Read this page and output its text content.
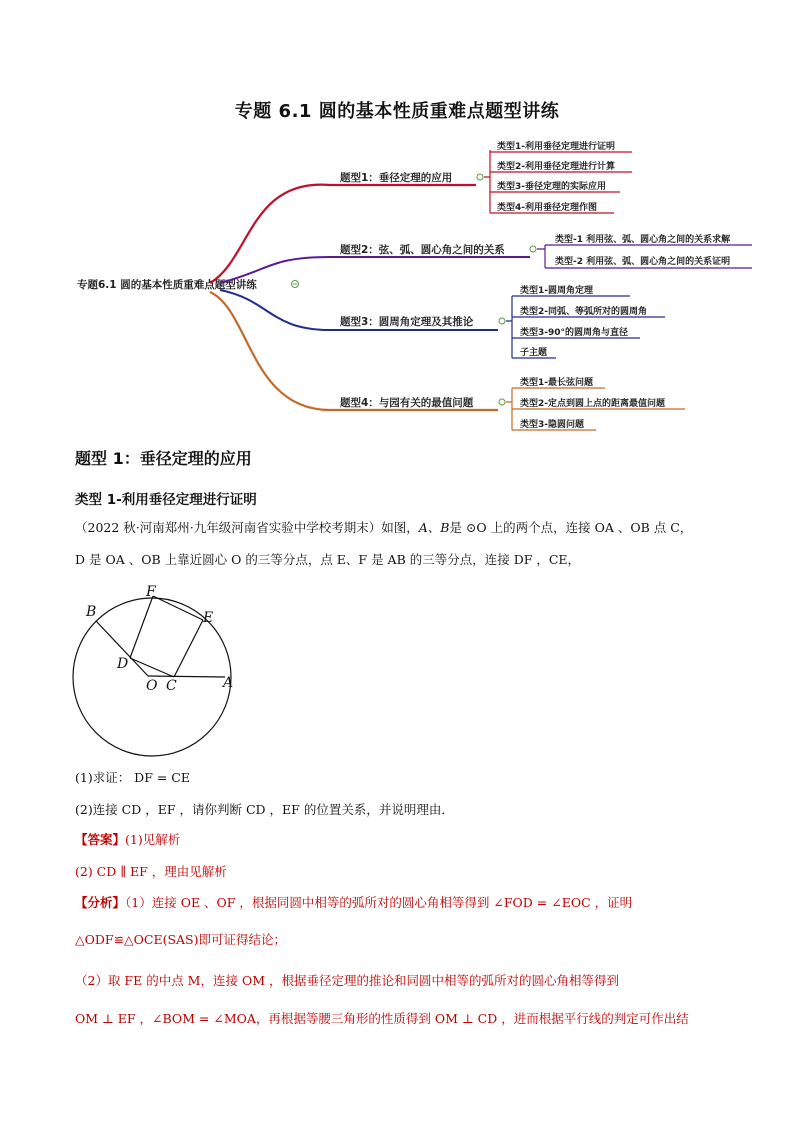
专题 6.1 圆的基本性质重难点题型讲练
专题6.1 圆的基本性质重难点题型讲练
题型1：垂径定理的应用
类型1-利用垂径定理进行证明
类型2-利用垂径定理进行计算
类型3-垂径定理的实际应用
类型4-利用垂径定理作图
题型2：弦、弧、圆心角之间的关系
类型-1 利用弦、弧、圆心角之间的关系求解
类型-2 利用弦、弧、圆心角之间的关系证明
题型3：圆周角定理及其推论
类型1-圆周角定理
类型2-同弧、等弧所对的圆周角
类型3-90°的圆周角与直径
子主题
题型4：与园有关的最值问题
类型1-最长弦问题
类型2-定点到圆上点的距离最值问题
类型3-隐圆问题
题型 1：垂径定理的应用
类型 1-利用垂径定理进行证明
（2022 秋·河南郑州·九年级河南省实验中学校考期末）如图，A、B是 ⊙O 上的两个点，连接 OA 、OB 点 C，
D 是 OA 、OB 上靠近圆心 O 的三等分点，点 E、F 是 AB 的三等分点，连接 DF ，CE，
B
F
E
D
O C	A
(1)求证： DF = CE
(2)连接 CD ，EF ，请你判断 CD ，EF 的位置关系，并说明理由．
【答案】(1)见解析
(2) CD ∥ EF ，理由见解析
【分析】（1）连接 OE 、OF ，根据同圆中相等的弧所对的圆心角相等得到 ∠FOD = ∠EOC ，证明
△ODF≌△OCE(SAS)即可证得结论；
（2）取 FE 的中点 M，连接 OM ，根据垂径定理的推论和同圆中相等的弧所对的圆心角相等得到
OM ⊥ EF ，∠BOM = ∠MOA，再根据等腰三角形的性质得到 OM ⊥ CD ，进而根据平行线的判定可作出结
